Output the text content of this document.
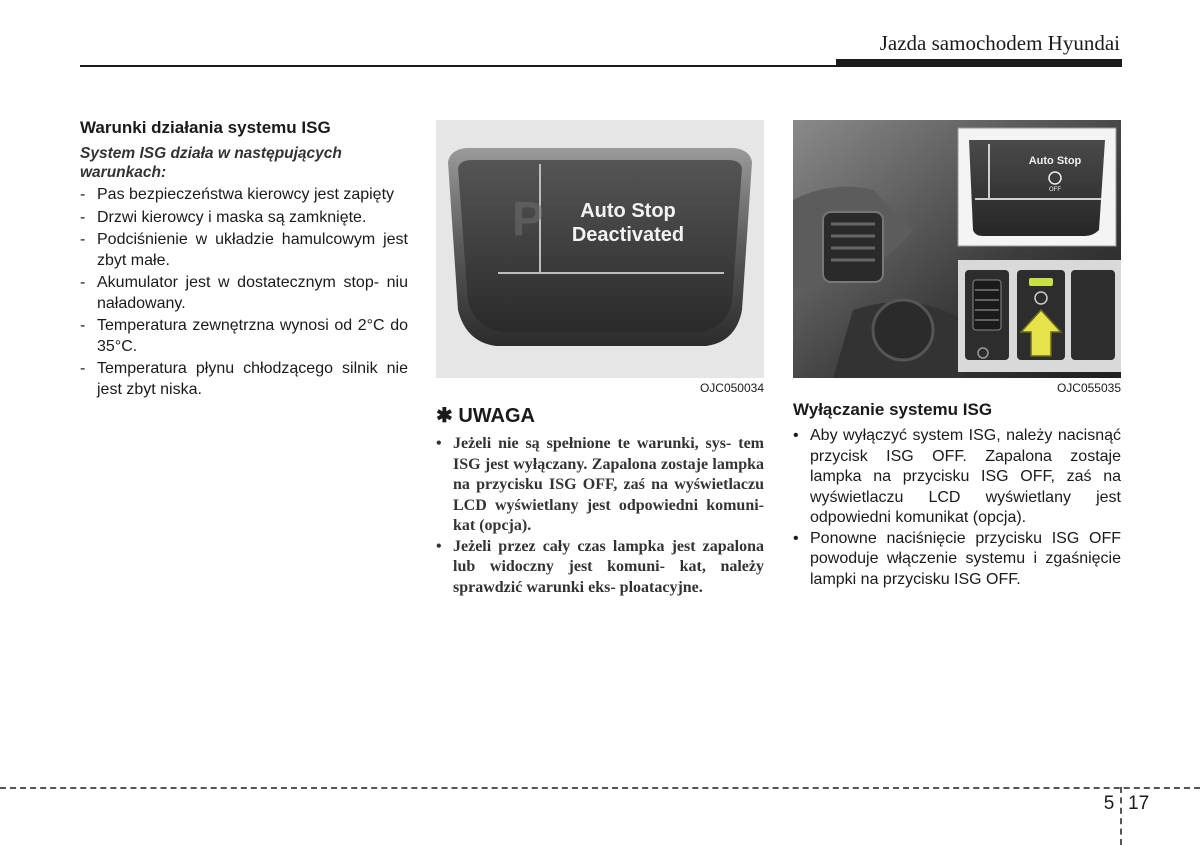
Jazda samochodem Hyundai
Warunki działania systemu ISG
System ISG działa w następujących warunkach:
- Pas bezpieczeństwa kierowcy jest zapięty
- Drzwi kierowcy i maska są zamknięte.
- Podciśnienie w układzie hamulcowym jest zbyt małe.
- Akumulator jest w dostatecznym stop- niu naładowany.
- Temperatura zewnętrzna wynosi od 2°C do 35°C.
- Temperatura płynu chłodzącego silnik nie jest zbyt niska.
P Auto Stop
Deactivated
OJC050034
✱ UWAGA
• Jeżeli nie są spełnione te warunki, sys- tem ISG jest wyłączany. Zapalona zostaje lampka na przycisku ISG OFF, zaś na wyświetlaczu LCD wyświetlany jest odpowiedni komuni- kat (opcja).
• Jeżeli przez cały czas lampka jest zapalona lub widoczny jest komuni- kat, należy sprawdzić warunki eks- ploatacyjne.
Auto Stop
OFF
OJC055035
Wyłączanie systemu ISG
• Aby wyłączyć system ISG, należy nacisnąć przycisk ISG OFF. Zapalona zostaje lampka na przycisku ISG OFF, zaś na wyświetlaczu LCD wyświetlany jest odpowiedni komunikat (opcja).
• Ponowne naciśnięcie przycisku ISG OFF powoduje włączenie systemu i zgaśnięcie lampki na przycisku ISG OFF.
5 17
